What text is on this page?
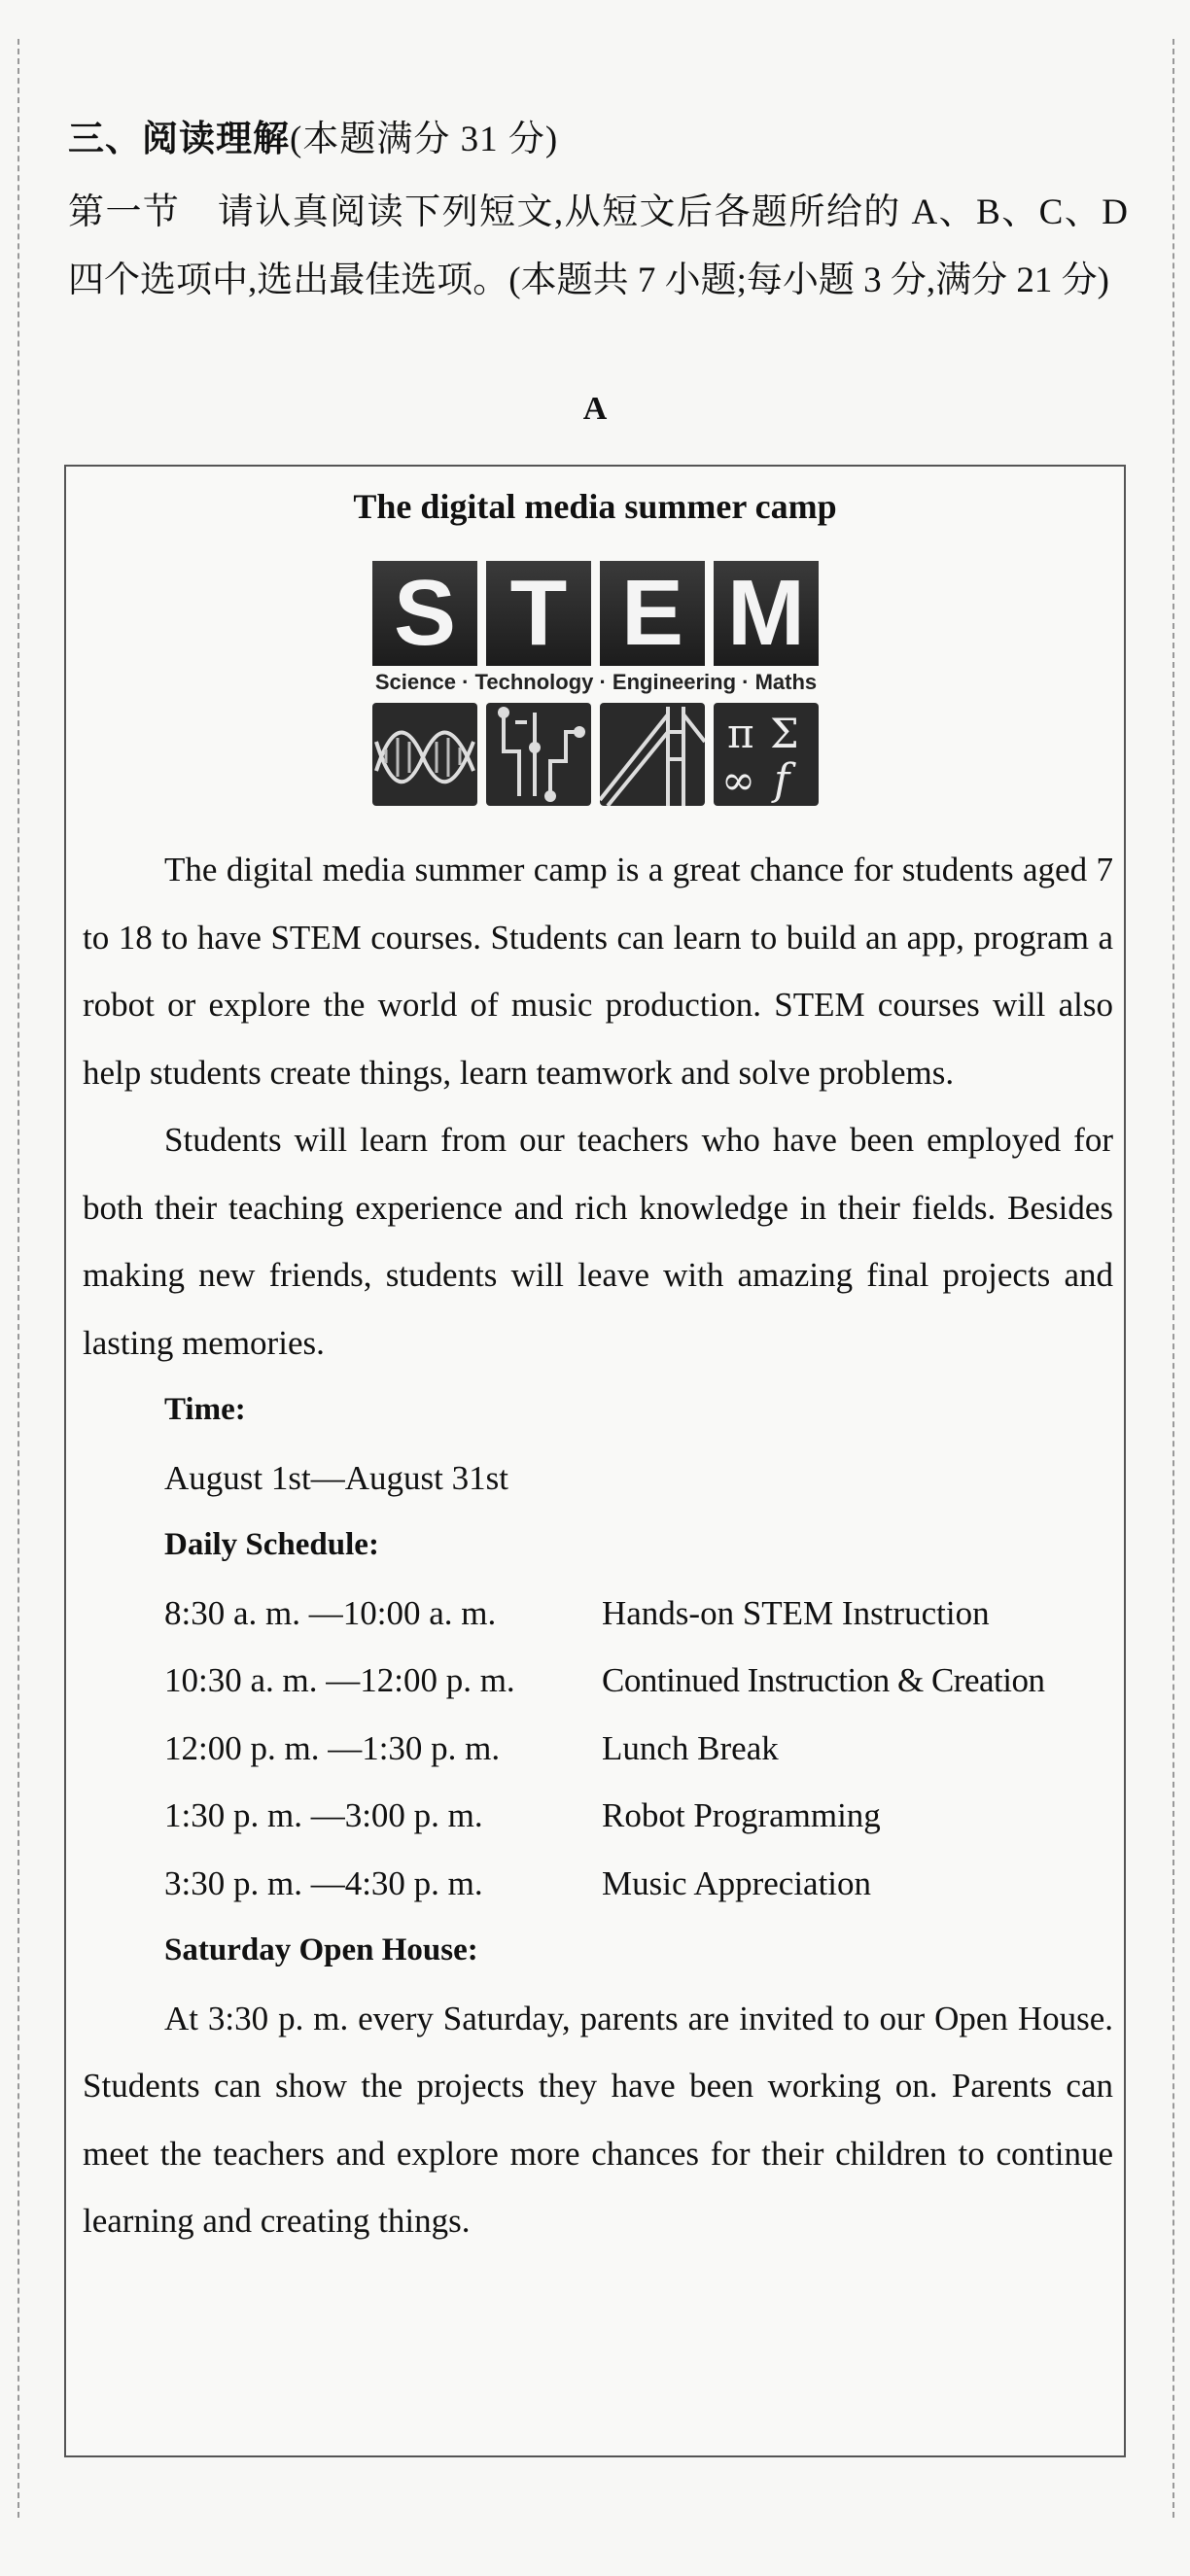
三、阅读理解(本题满分 31 分)

第一节　请认真阅读下列短文,从短文后各题所给的 A、B、C、D 四个选项中,选出最佳选项。(本题共 7 小题;每小题 3 分,满分 21 分)

A
The digital media summer camp
S T E M
Science · Technology · Engineering · Maths
π Σ
∞ f

The digital media summer camp is a great chance for students aged 7 to 18 to have STEM courses. Students can learn to build an app, program a robot or explore the world of music production. STEM courses will also help students create things, learn teamwork and solve problems.

Students will learn from our teachers who have been employed for both their teaching experience and rich knowledge in their fields. Besides making new friends, students will leave with amazing final projects and lasting memories.

Time:

August 1st—August 31st

Daily Schedule:

8:30 a. m. —10:00 a. m.	Hands-on STEM Instruction
10:30 a. m. —12:00 p. m.	Continued Instruction & Creation
12:00 p. m. —1:30 p. m.	Lunch Break
1:30 p. m. —3:00 p. m.	Robot Programming
3:30 p. m. —4:30 p. m.	Music Appreciation

Saturday Open House:

At 3:30 p. m. every Saturday, parents are invited to our Open House. Students can show the projects they have been working on. Parents can meet the teachers and explore more chances for their children to continue learning and creating things.
